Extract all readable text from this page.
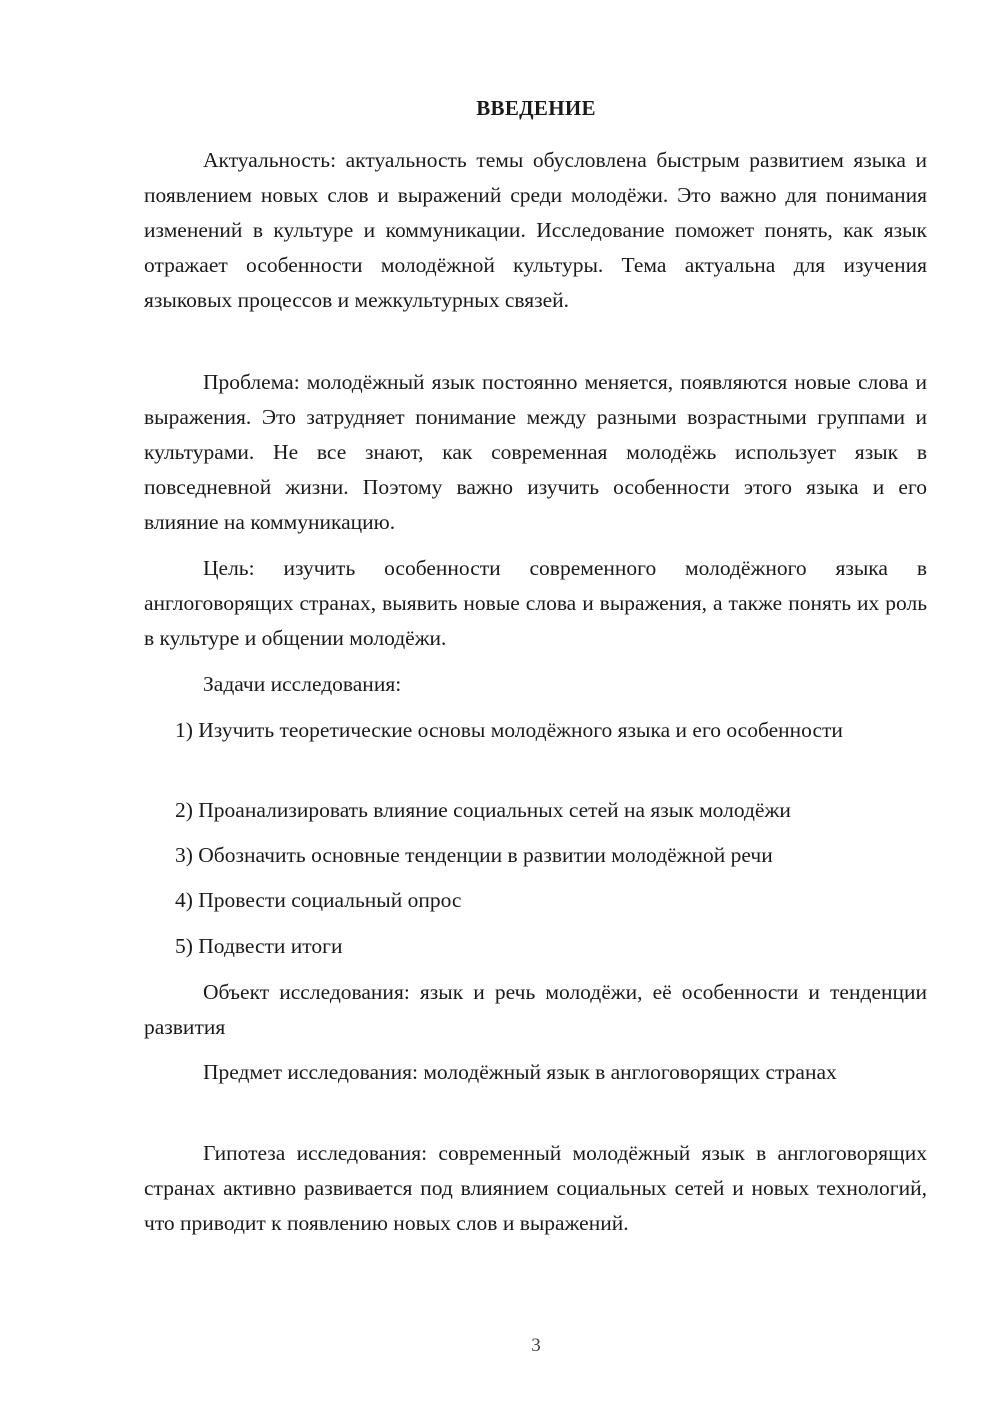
ВВЕДЕНИЕ
Актуальность: актуальность темы обусловлена быстрым развитием языка и появлением новых слов и выражений среди молодёжи. Это важно для понимания изменений в культуре и коммуникации. Исследование поможет понять, как язык отражает особенности молодёжной культуры. Тема актуальна для изучения языковых процессов и межкультурных связей.
Проблема: молодёжный язык постоянно меняется, появляются новые слова и выражения. Это затрудняет понимание между разными возрастными группами и культурами. Не все знают, как современная молодёжь использует язык в повседневной жизни. Поэтому важно изучить особенности этого языка и его влияние на коммуникацию.
Цель: изучить особенности современного молодёжного языка в англоговорящих странах, выявить новые слова и выражения, а также понять их роль в культуре и общении молодёжи.
Задачи исследования:
1) Изучить теоретические основы молодёжного языка и его особенности
2) Проанализировать влияние социальных сетей на язык молодёжи
3) Обозначить основные тенденции в развитии молодёжной речи
4) Провести социальный опрос
5) Подвести итоги
Объект исследования: язык и речь молодёжи, её особенности и тенденции развития
Предмет исследования: молодёжный язык в англоговорящих странах
Гипотеза исследования: современный молодёжный язык в англоговорящих странах активно развивается под влиянием социальных сетей и новых технологий, что приводит к появлению новых слов и выражений.
3
